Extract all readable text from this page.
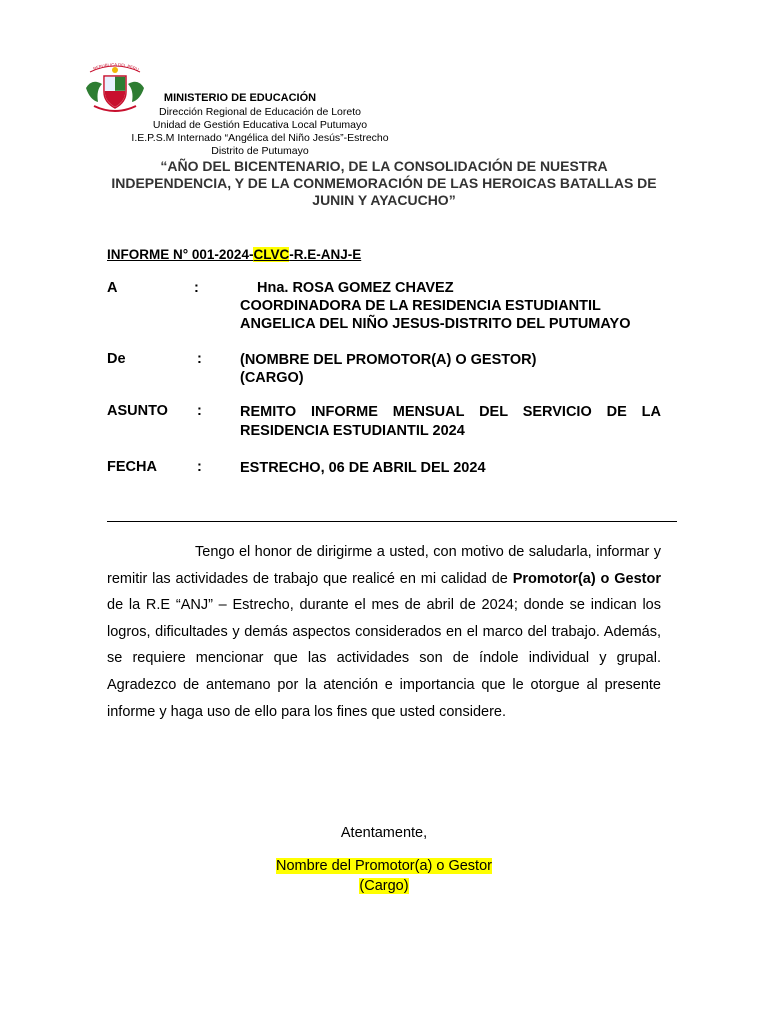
REPUBLICA DEL PERU
MINISTERIO DE EDUCACIÓN
Dirección Regional de Educación de Loreto
Unidad de Gestión Educativa Local Putumayo
I.E.P.S.M Internado “Angélica del Niño Jesús”-Estrecho
Distrito de Putumayo
“AÑO DEL BICENTENARIO, DE LA CONSOLIDACIÓN DE NUESTRA INDEPENDENCIA, Y DE LA CONMEMORACIÓN DE LAS HEROICAS BATALLAS DE JUNIN Y AYACUCHO”
INFORME N° 001-2024-CLVC-R.E-ANJ-E
A	:	Hna. ROSA GOMEZ CHAVEZ
COORDINADORA DE LA RESIDENCIA ESTUDIANTIL
ANGELICA DEL NIÑO JESUS-DISTRITO DEL PUTUMAYO
De	:	(NOMBRE DEL PROMOTOR(A) O GESTOR)
(CARGO)
ASUNTO :	REMITO INFORME MENSUAL DEL SERVICIO DE LA RESIDENCIA ESTUDIANTIL 2024
FECHA	:	ESTRECHO, 06 DE ABRIL DEL 2024
Tengo el honor de dirigirme a usted, con motivo de saludarla, informar y remitir las actividades de trabajo que realicé en mi calidad de Promotor(a) o Gestor de la R.E “ANJ” – Estrecho, durante el mes de abril de 2024; donde se indican los logros, dificultades y demás aspectos considerados en el marco del trabajo. Además, se requiere mencionar que las actividades son de índole individual y grupal. Agradezco de antemano por la atención e importancia que le otorgue al presente informe y haga uso de ello para los fines que usted considere.
Atentamente,
Nombre del Promotor(a) o Gestor
(Cargo)
